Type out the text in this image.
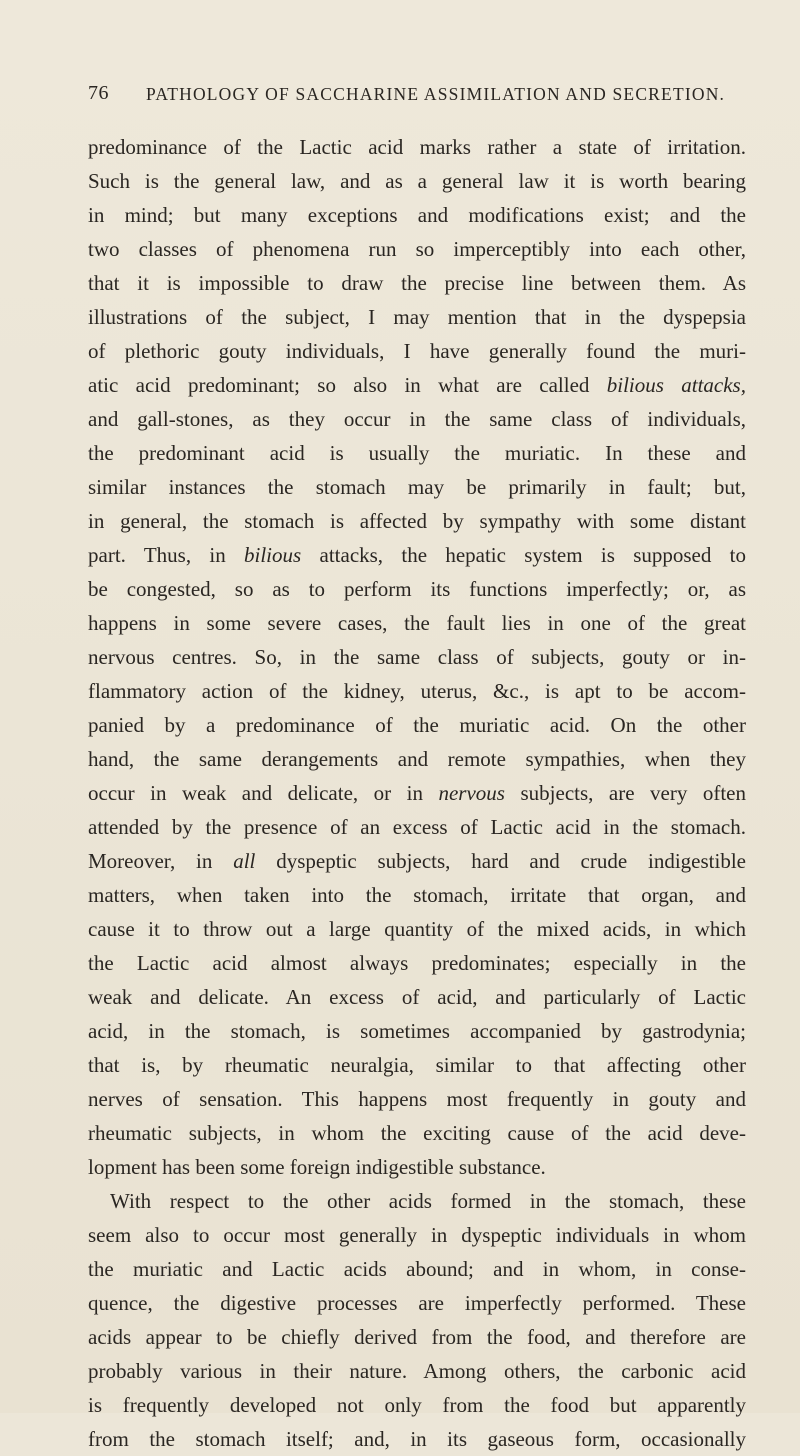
76 PATHOLOGY OF SACCHARINE ASSIMILATION AND SECRETION.
predominance of the Lactic acid marks rather a state of irritation.
Such is the general law, and as a general law it is worth bearing
in mind; but many exceptions and modifications exist; and the
two classes of phenomena run so imperceptibly into each other,
that it is impossible to draw the precise line between them. As
illustrations of the subject, I may mention that in the dyspepsia
of plethoric gouty individuals, I have generally found the muri-
atic acid predominant; so also in what are called bilious attacks,
and gall-stones, as they occur in the same class of individuals,
the predominant acid is usually the muriatic. In these and
similar instances the stomach may be primarily in fault; but,
in general, the stomach is affected by sympathy with some distant
part. Thus, in bilious attacks, the hepatic system is supposed to
be congested, so as to perform its functions imperfectly; or, as
happens in some severe cases, the fault lies in one of the great
nervous centres. So, in the same class of subjects, gouty or in-
flammatory action of the kidney, uterus, &c., is apt to be accom-
panied by a predominance of the muriatic acid. On the other
hand, the same derangements and remote sympathies, when they
occur in weak and delicate, or in nervous subjects, are very often
attended by the presence of an excess of Lactic acid in the stomach.
Moreover, in all dyspeptic subjects, hard and crude indigestible
matters, when taken into the stomach, irritate that organ, and
cause it to throw out a large quantity of the mixed acids, in which
the Lactic acid almost always predominates; especially in the
weak and delicate. An excess of acid, and particularly of Lactic
acid, in the stomach, is sometimes accompanied by gastrodynia;
that is, by rheumatic neuralgia, similar to that affecting other
nerves of sensation. This happens most frequently in gouty and
rheumatic subjects, in whom the exciting cause of the acid deve-
lopment has been some foreign indigestible substance.
With respect to the other acids formed in the stomach, these
seem also to occur most generally in dyspeptic individuals in whom
the muriatic and Lactic acids abound; and in whom, in conse-
quence, the digestive processes are imperfectly performed. These
acids appear to be chiefly derived from the food, and therefore are
probably various in their nature. Among others, the carbonic acid
is frequently developed not only from the food but apparently
from the stomach itself; and, in its gaseous form, occasionally
